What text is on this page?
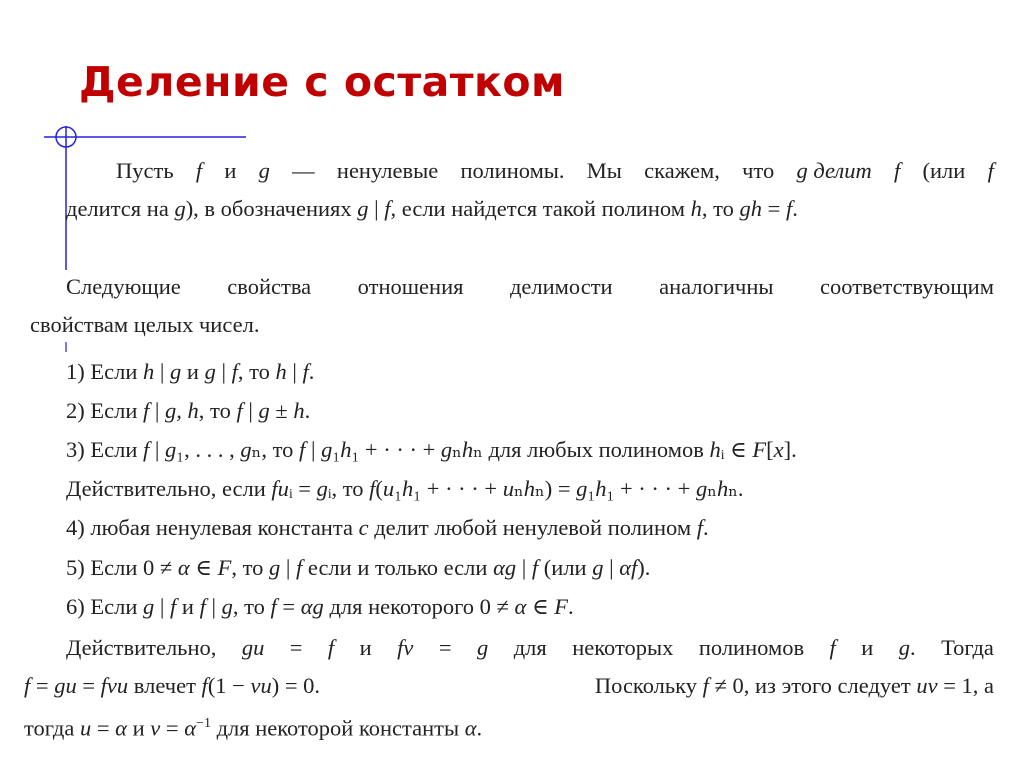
Деление с остатком
Пусть f и g — ненулевые полиномы. Мы скажем, что g делит f (или f
делится на g), в обозначениях g | f, если найдется такой полином h, то gh = f.
Следующие свойства отношения делимости аналогичны соответствующим
свойствам целых чисел.
1) Если h | g и g | f, то h | f.
2) Если f | g, h, то f | g ± h.
3) Если f | g₁, . . . , gₙ, то f | g₁h₁ + · · · + gₙhₙ для любых полиномов hᵢ ∈ F[x].
Действительно, если fuᵢ = gᵢ, то f(u₁h₁ + · · · + uₙhₙ) = g₁h₁ + · · · + gₙhₙ.
4) любая ненулевая константа c делит любой ненулевой полином f.
5) Если 0 ≠ α ∈ F, то g | f если и только если αg | f (или g | αf).
6) Если g | f и f | g, то f = αg для некоторого 0 ≠ α ∈ F.
Действительно, gu = f и fv = g для некоторых полиномов f и g. Тогда
f = gu = fvu влечет f(1 − vu) = 0.	Поскольку f ≠ 0, из этого следует uv = 1, а
тогда u = α и $v = \alpha^{-1}$ для некоторой константы α.
